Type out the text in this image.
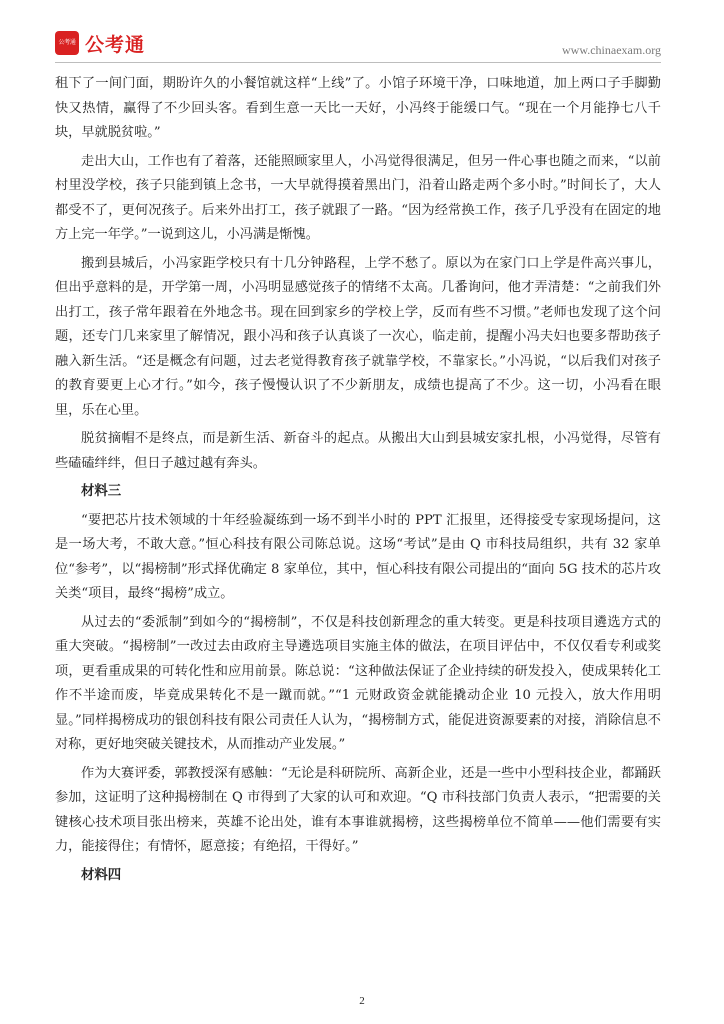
公考通 公考通	www.chinaexam.org

租下了一间门面，期盼许久的小餐馆就这样“上线”了。小馆子环境干净，口味地道，加上两口子手脚勤快又热情，赢得了不少回头客。看到生意一天比一天好，小冯终于能缓口气。“现在一个月能挣七八千块，早就脱贫啦。”

走出大山，工作也有了着落，还能照顾家里人，小冯觉得很满足，但另一件心事也随之而来，“以前村里没学校，孩子只能到镇上念书，一大早就得摸着黑出门，沿着山路走两个多小时。”时间长了，大人都受不了，更何况孩子。后来外出打工，孩子就跟了一路。“因为经常换工作，孩子几乎没有在固定的地方上完一年学。”一说到这儿，小冯满是惭愧。

搬到县城后，小冯家距学校只有十几分钟路程，上学不愁了。原以为在家门口上学是件高兴事儿，但出乎意料的是，开学第一周，小冯明显感觉孩子的情绪不太高。几番询问，他才弄清楚：“之前我们外出打工，孩子常年跟着在外地念书。现在回到家乡的学校上学，反而有些不习惯。”老师也发现了这个问题，还专门几来家里了解情况，跟小冯和孩子认真谈了一次心，临走前，提醒小冯夫妇也要多帮助孩子融入新生活。“还是概念有问题，过去老觉得教育孩子就靠学校，不靠家长。”小冯说，“以后我们对孩子的教育要更上心才行。”如今，孩子慢慢认识了不少新朋友，成绩也提高了不少。这一切，小冯看在眼里，乐在心里。

脱贫摘帽不是终点，而是新生活、新奋斗的起点。从搬出大山到县城安家扎根，小冯觉得，尽管有些磕磕绊绊，但日子越过越有奔头。

材料三

“要把芯片技术领域的十年经验凝练到一场不到半小时的 PPT 汇报里，还得接受专家现场提问，这是一场大考，不敢大意。”恒心科技有限公司陈总说。这场“考试”是由 Q 市科技局组织，共有 32 家单位“参考”，以“揭榜制”形式择优确定 8 家单位，其中，恒心科技有限公司提出的“面向 5G 技术的芯片攻关类“项目，最终“揭榜”成立。

从过去的“委派制”到如今的“揭榜制”，不仅是科技创新理念的重大转变。更是科技项目遴选方式的重大突破。“揭榜制”一改过去由政府主导遴选项目实施主体的做法，在项目评估中，不仅仅看专利或奖项，更看重成果的可转化性和应用前景。陈总说：“这种做法保证了企业持续的研发投入，使成果转化工作不半途而废，毕竟成果转化不是一蹴而就。”“1 元财政资金就能撬动企业 10 元投入，放大作用明显。”同样揭榜成功的银创科技有限公司责任人认为，“揭榜制方式，能促进资源要素的对接，消除信息不对称，更好地突破关键技术，从而推动产业发展。”

作为大赛评委，郭教授深有感触：“无论是科研院所、高新企业，还是一些中小型科技企业，都踊跃参加，这证明了这种揭榜制在 Q 市得到了大家的认可和欢迎。“Q 市科技部门负责人表示，“把需要的关键核心技术项目张出榜来，英雄不论出处，谁有本事谁就揭榜，这些揭榜单位不简单——他们需要有实力，能接得住；有情怀，愿意接；有绝招，干得好。”

材料四
2
